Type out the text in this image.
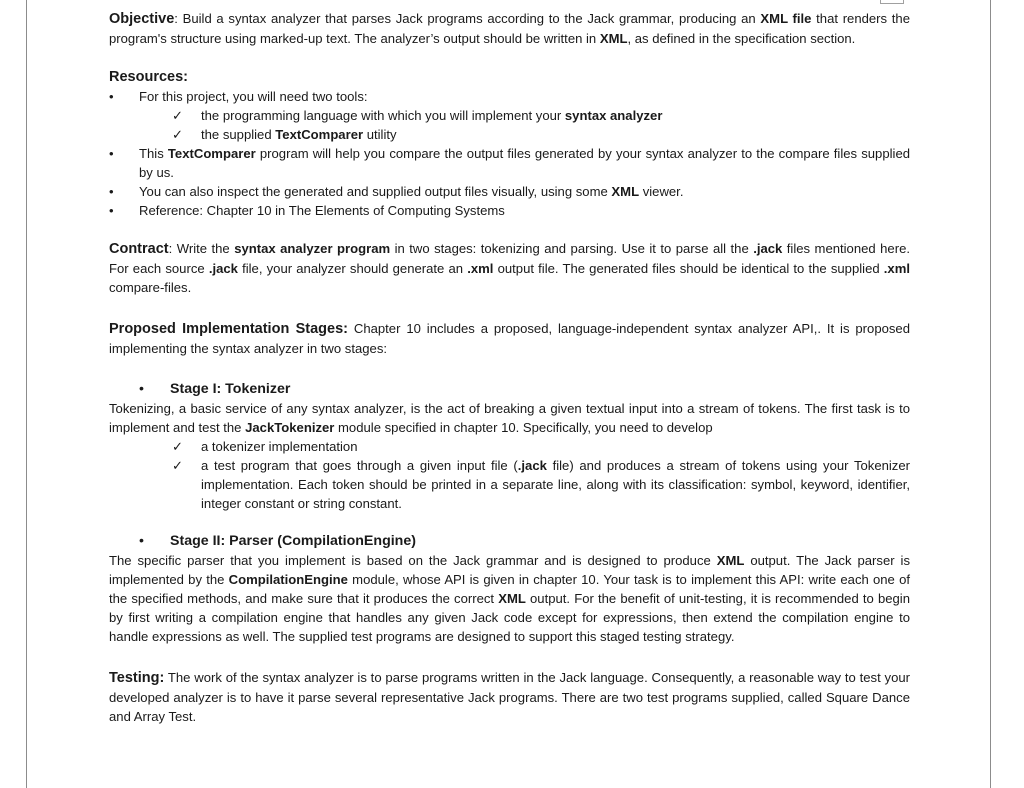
Objective: Build a syntax analyzer that parses Jack programs according to the Jack grammar, producing an XML file that renders the program's structure using marked-up text. The analyzer’s output should be written in XML, as defined in the specification section.

Resources:

•	For this project, you will need two tools:
✓ the programming language with which you will implement your syntax analyzer
✓ the supplied TextComparer utility
•	This TextComparer program will help you compare the output files generated by your syntax analyzer to the compare files supplied by us.
•	You can also inspect the generated and supplied output files visually, using some XML viewer.
•	Reference: Chapter 10 in The Elements of Computing Systems

Contract: Write the syntax analyzer program in two stages: tokenizing and parsing. Use it to parse all the .jack files mentioned here. For each source .jack file, your analyzer should generate an .xml output file. The generated files should be identical to the supplied .xml compare-files.

Proposed Implementation Stages: Chapter 10 includes a proposed, language-independent syntax analyzer API,. It is proposed implementing the syntax analyzer in two stages:

• Stage I: Tokenizer

Tokenizing, a basic service of any syntax analyzer, is the act of breaking a given textual input into a stream of tokens. The first task is to implement and test the JackTokenizer module specified in chapter 10. Specifically, you need to develop

✓ a tokenizer implementation
✓ a test program that goes through a given input file (.jack file) and produces a stream of tokens using your Tokenizer implementation. Each token should be printed in a separate line, along with its classification: symbol, keyword, identifier, integer constant or string constant.
• Stage II: Parser (CompilationEngine)

The specific parser that you implement is based on the Jack grammar and is designed to produce XML output. The Jack parser is implemented by the CompilationEngine module, whose API is given in chapter 10. Your task is to implement this API: write each one of the specified methods, and make sure that it produces the correct XML output. For the benefit of unit-testing, it is recommended to begin by first writing a compilation engine that handles any given Jack code except for expressions, then extend the compilation engine to handle expressions as well. The supplied test programs are designed to support this staged testing strategy.

Testing: The work of the syntax analyzer is to parse programs written in the Jack language. Consequently, a reasonable way to test your developed analyzer is to have it parse several representative Jack programs. There are two test programs supplied, called Square Dance and Array Test.
